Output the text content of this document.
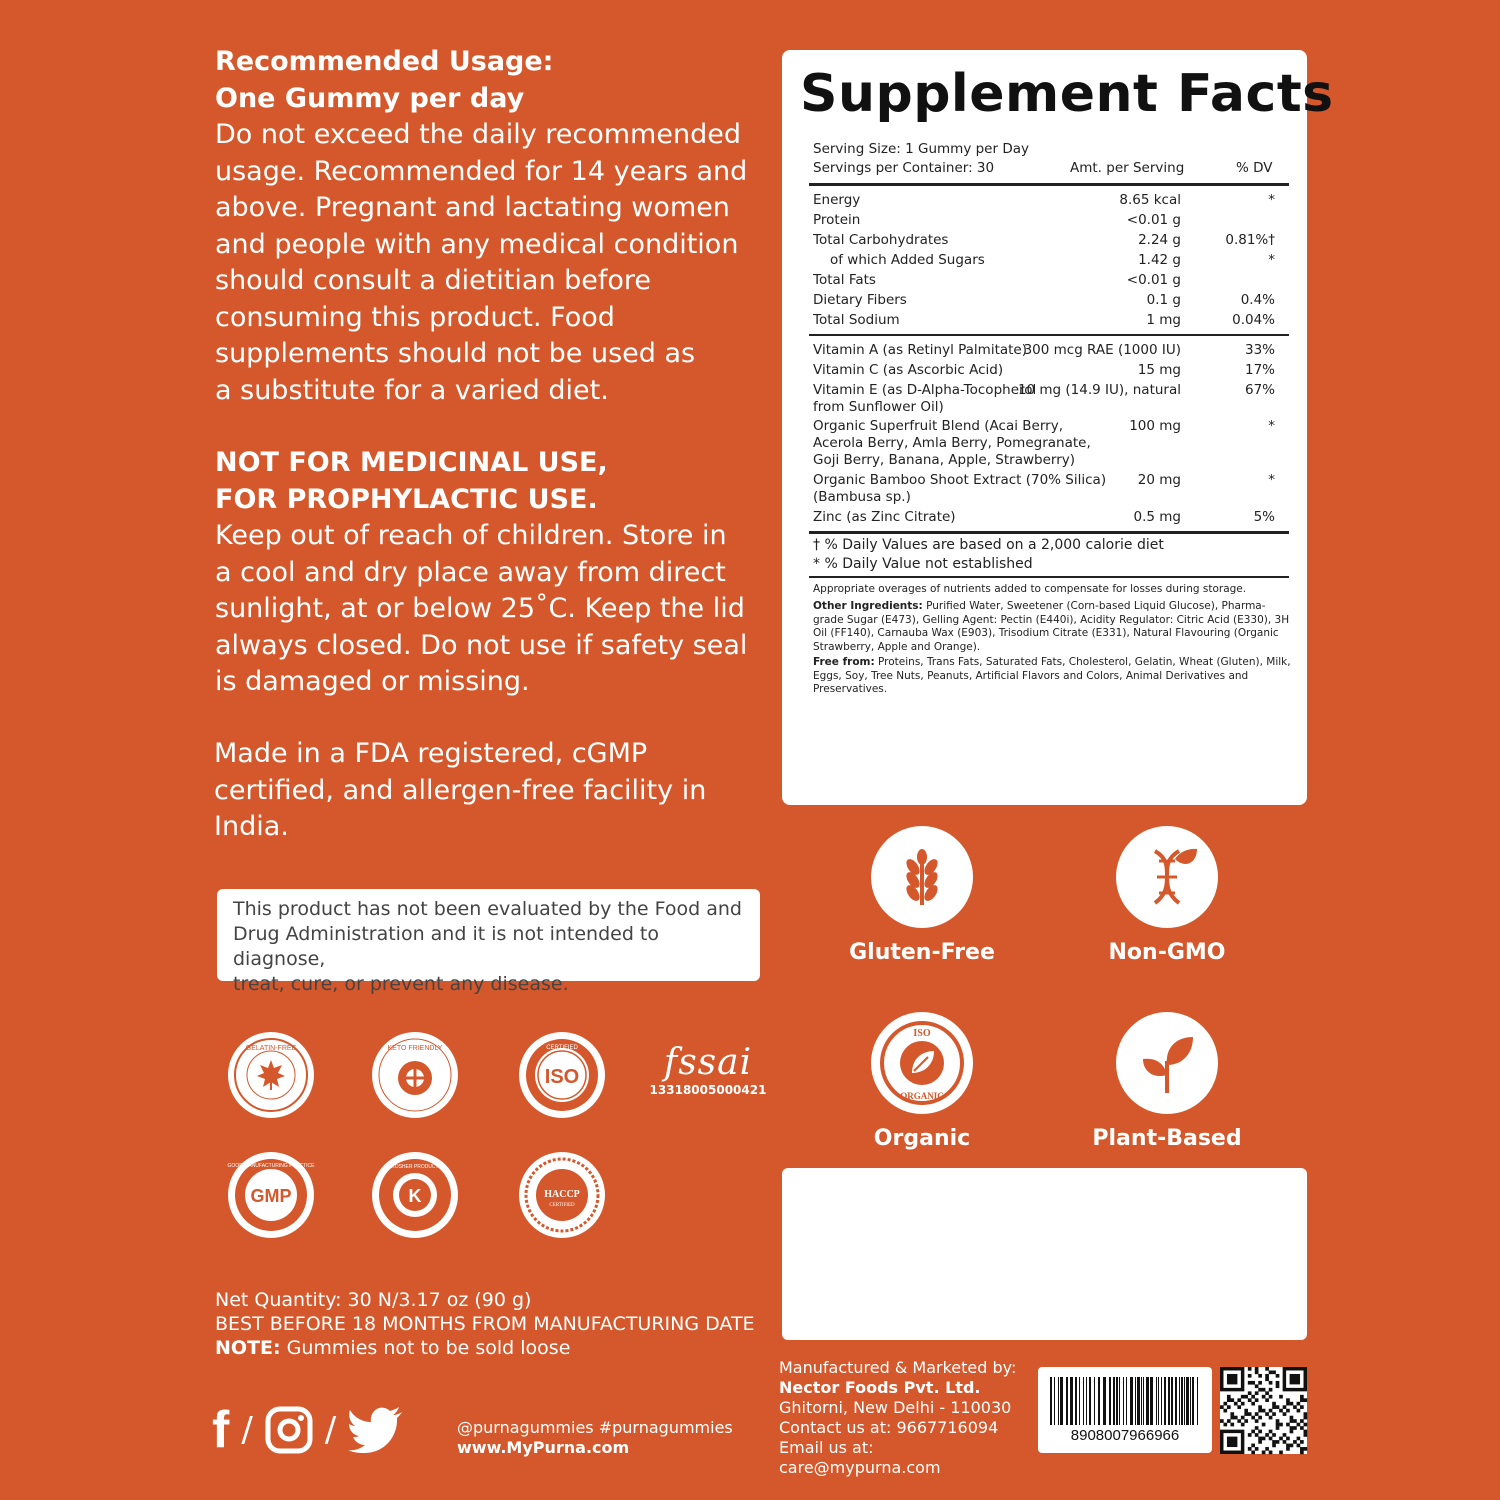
Recommended Usage:
One Gummy per day
Do not exceed the daily recommended
usage. Recommended for 14 years and
above. Pregnant and lactating women
and people with any medical condition
should consult a dietitian before
consuming this product. Food
supplements should not be used as
a substitute for a varied diet.
NOT FOR MEDICINAL USE,
FOR PROPHYLACTIC USE.
Keep out of reach of children. Store in
a cool and dry place away from direct
sunlight, at or below 25˚C. Keep the lid
always closed. Do not use if safety seal
is damaged or missing.
Made in a FDA registered, cGMP
certified, and allergen-free facility in
India.
This product has not been evaluated by the Food and
Drug Administration and it is not intended to diagnose,
treat, cure, or prevent any disease.
GELATIN-FREE	KETO FRIENDLY	CERTIFIED
ISO	fssai
13318005000421
GOOD MANUFACTURING PRACTICE
GMP
KOSHER PRODUCT
K	HACCP
CERTIFIED
Net Quantity: 30 N/3.17 oz (90 g)
BEST BEFORE 18 MONTHS FROM MANUFACTURING DATE
NOTE: Gummies not to be sold loose
f / /	@purnagummies #purnagummies
www.MyPurna.com
Supplement Facts
Serving Size: 1 Gummy per Day
Servings per Container: 30	Amt. per Serving	% DV
Energy	8.65 kcal	*
Protein	<0.01 g
Total Carbohydrates	2.24 g	0.81%†
of which Added Sugars	1.42 g	*
Total Fats	<0.01 g
Dietary Fibers	0.1 g	0.4%
Total Sodium	1 mg	0.04%
Vitamin A (as Retinyl Palmitate)
300 mcg RAE (1000 IU)	33%
Vitamin C (as Ascorbic Acid)	15 mg	17%
Vitamin E (as D-Alpha-Tocopherol
from Sunflower Oil)
10 mg (14.9 IU), natural	67%
Organic Superfruit Blend (Acai Berry,
Acerola Berry, Amla Berry, Pomegranate,
Goji Berry, Banana, Apple, Strawberry)
100 mg	*
Organic Bamboo Shoot Extract (70% Silica)
(Bambusa sp.)
20 mg	*
Zinc (as Zinc Citrate)	0.5 mg	5%
† % Daily Values are based on a 2,000 calorie diet
* % Daily Value not established
Appropriate overages of nutrients added to compensate for losses during storage.
Other Ingredients: Purified Water, Sweetener (Corn-based Liquid Glucose), Pharma-grade Sugar (E473), Gelling Agent: Pectin (E440i), Acidity Regulator: Citric Acid (E330), 3H Oil (FF140), Carnauba Wax (E903), Trisodium Citrate (E331), Natural Flavouring (Organic Strawberry, Apple and Orange).
Free from: Proteins, Trans Fats, Saturated Fats, Cholesterol, Gelatin, Wheat (Gluten), Milk, Eggs, Soy, Tree Nuts, Peanuts, Artificial Flavors and Colors, Animal Derivatives and Preservatives.
Gluten-Free	Non-GMO
ISO
ORGANIC
Organic	Plant-Based
Manufactured & Marketed by:
Nector Foods Pvt. Ltd.
Ghitorni, New Delhi - 110030
Contact us at: 9667716094
Email us at: care@mypurna.com
8908007966966
